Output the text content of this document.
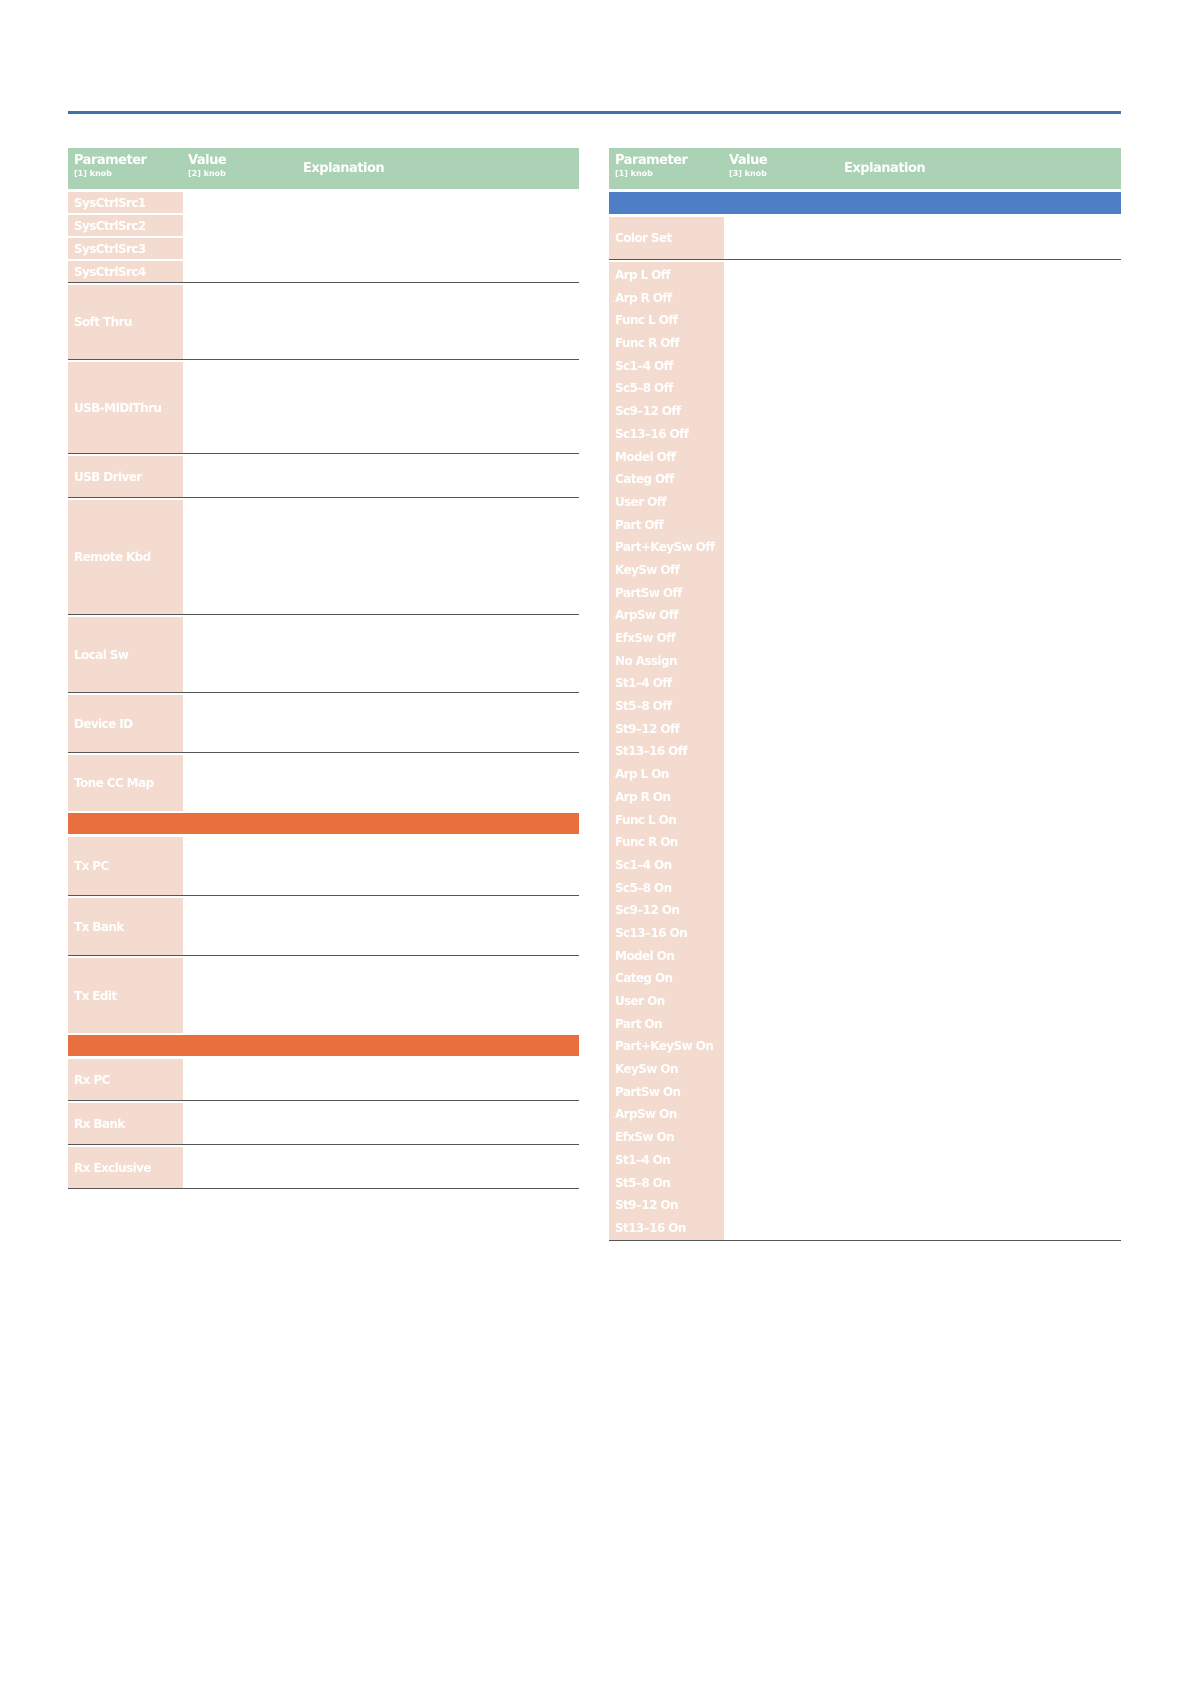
Parameter
[1] knob
Value
[2] knob	Explanation
SysCtrlSrc1
SysCtrlSrc2
SysCtrlSrc3
SysCtrlSrc4
Soft Thru
USB-MIDIThru
USB Driver
Remote Kbd
Local Sw
Device ID
Tone CC Map
Tx PC
Tx Bank
Tx Edit
Rx PC
Rx Bank
Rx Exclusive
Parameter
[1] knob
Value
[3] knob	Explanation
Color Set
Arp L Off
Arp R Off
Func L Off
Func R Off
Sc1–4 Off
Sc5–8 Off
Sc9–12 Off
Sc13–16 Off
Model Off
Categ Off
User Off
Part Off
Part+KeySw Off
KeySw Off
PartSw Off
ArpSw Off
EfxSw Off
No Assign
St1–4 Off
St5–8 Off
St9–12 Off
St13–16 Off
Arp L On
Arp R On
Func L On
Func R On
Sc1–4 On
Sc5–8 On
Sc9–12 On
Sc13–16 On
Model On
Categ On
User On
Part On
Part+KeySw On
KeySw On
PartSw On
ArpSw On
EfxSw On
St1–4 On
St5–8 On
St9–12 On
St13–16 On
